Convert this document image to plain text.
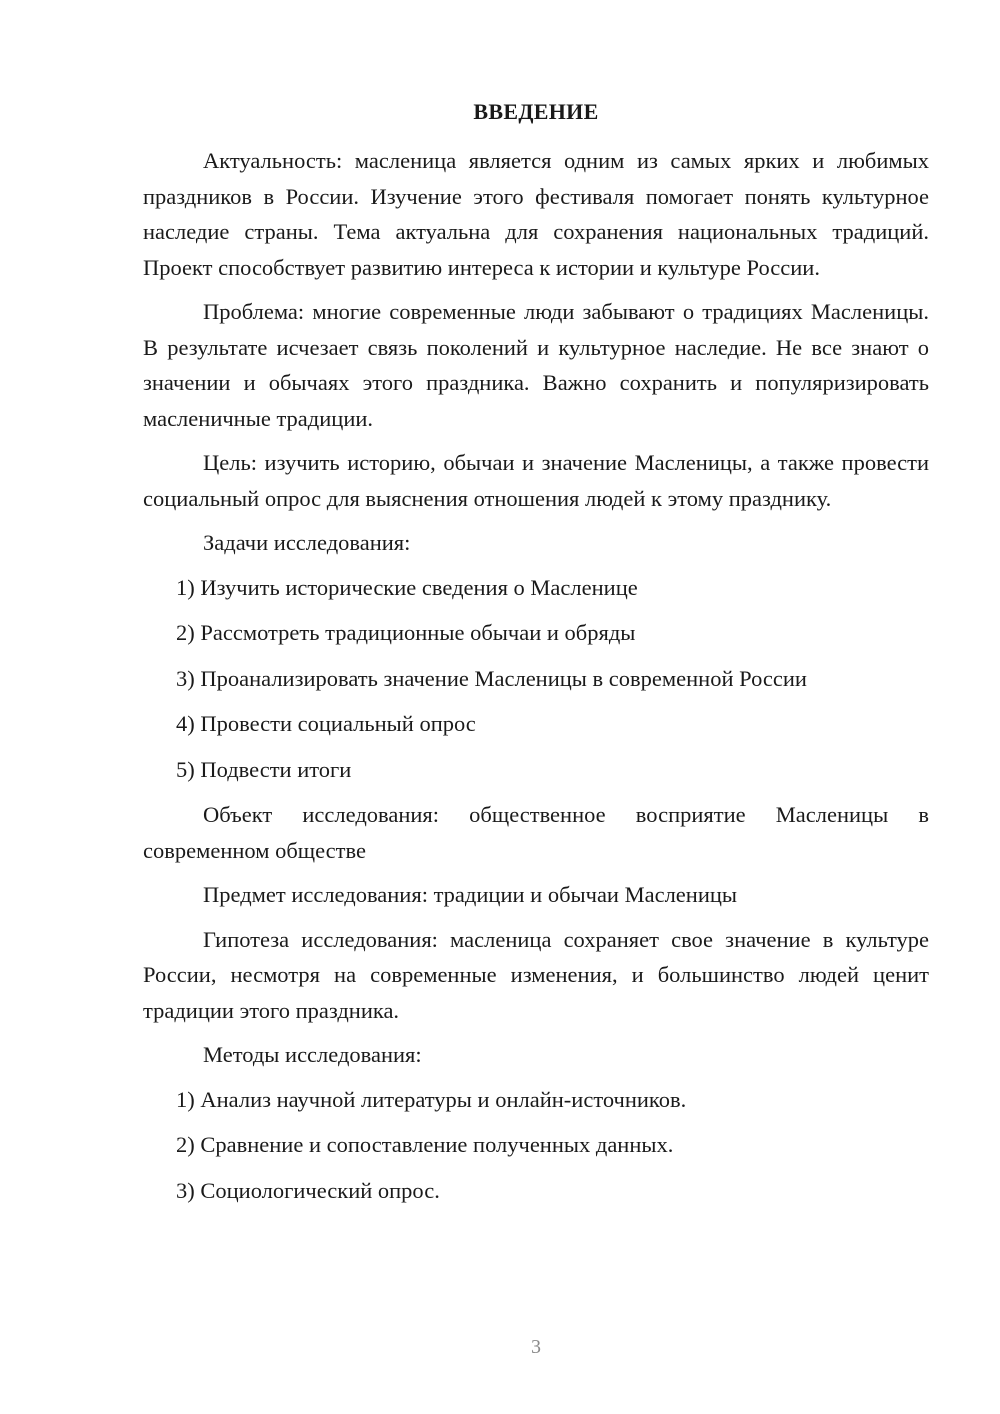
ВВЕДЕНИЕ

Актуальность: масленица является одним из самых ярких и любимых праздников в России. Изучение этого фестиваля помогает понять культурное наследие страны. Тема актуальна для сохранения национальных традиций. Проект способствует развитию интереса к истории и культуре России.

Проблема: многие современные люди забывают о традициях Масленицы. В результате исчезает связь поколений и культурное наследие. Не все знают о значении и обычаях этого праздника. Важно сохранить и популяризировать масленичные традиции.

Цель: изучить историю, обычаи и значение Масленицы, а также провести социальный опрос для выяснения отношения людей к этому празднику.

Задачи исследования:

1) Изучить исторические сведения о Масленице
2) Рассмотреть традиционные обычаи и обряды
3) Проанализировать значение Масленицы в современной России
4) Провести социальный опрос
5) Подвести итоги

Объект исследования: общественное восприятие Масленицы в современном обществе

Предмет исследования: традиции и обычаи Масленицы

Гипотеза исследования: масленица сохраняет свое значение в культуре России, несмотря на современные изменения, и большинство людей ценит традиции этого праздника.

Методы исследования:

1) Анализ научной литературы и онлайн-источников.
2) Сравнение и сопоставление полученных данных.
3) Социологический опрос.
3
